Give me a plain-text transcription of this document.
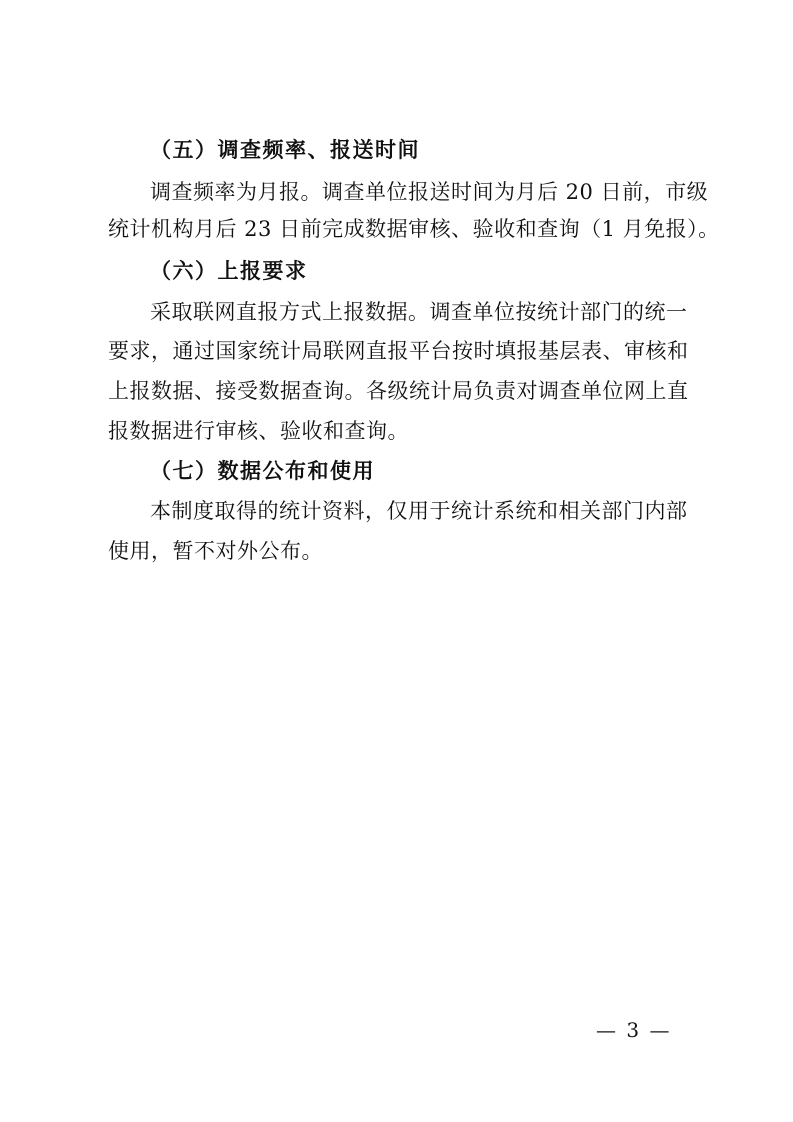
（五）调查频率、报送时间
调查频率为月报。调查单位报送时间为月后 20 日前，市级
统计机构月后 23 日前完成数据审核、验收和查询（1 月免报）。
（六）上报要求
采取联网直报方式上报数据。调查单位按统计部门的统一
要求，通过国家统计局联网直报平台按时填报基层表、审核和
上报数据、接受数据查询。各级统计局负责对调查单位网上直
报数据进行审核、验收和查询。
（七）数据公布和使用
本制度取得的统计资料，仅用于统计系统和相关部门内部
使用，暂不对外公布。
— 3 —
